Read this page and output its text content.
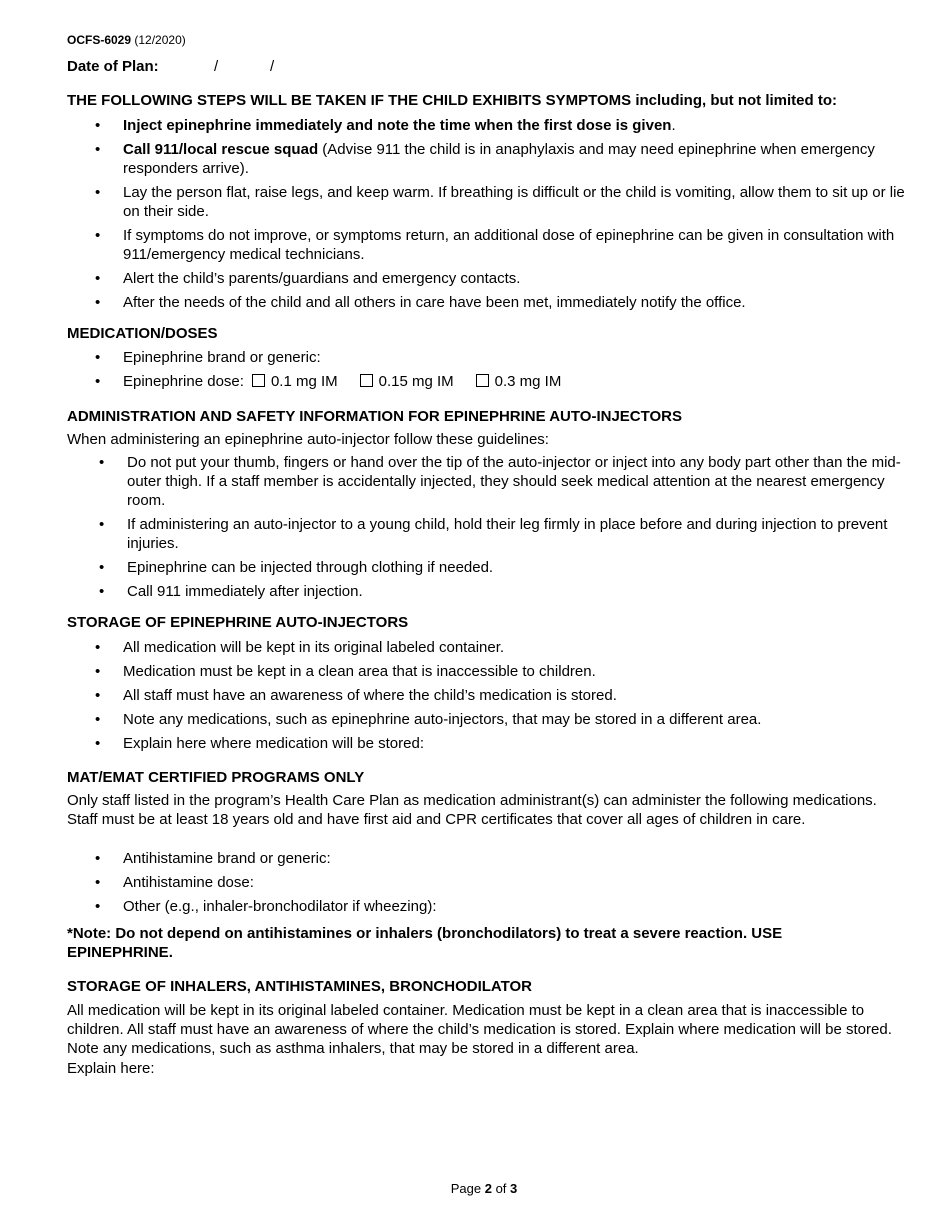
OCFS-6029 (12/2020)
Date of Plan:	/	/
THE FOLLOWING STEPS WILL BE TAKEN IF THE CHILD EXHIBITS SYMPTOMS including, but not limited to:
• Inject epinephrine immediately and note the time when the first dose is given.
• Call 911/local rescue squad (Advise 911 the child is in anaphylaxis and may need epinephrine when emergency responders arrive).
• Lay the person flat, raise legs, and keep warm. If breathing is difficult or the child is vomiting, allow them to sit up or lie on their side.
• If symptoms do not improve, or symptoms return, an additional dose of epinephrine can be given in consultation with 911/emergency medical technicians.
• Alert the child’s parents/guardians and emergency contacts.
• After the needs of the child and all others in care have been met, immediately notify the office.
MEDICATION/DOSES
• Epinephrine brand or generic:
• Epinephrine dose: 0.1 mg IM	0.15 mg IM	0.3 mg IM
ADMINISTRATION AND SAFETY INFORMATION FOR EPINEPHRINE AUTO-INJECTORS
When administering an epinephrine auto-injector follow these guidelines:
• Do not put your thumb, fingers or hand over the tip of the auto-injector or inject into any body part other than the mid-outer thigh. If a staff member is accidentally injected, they should seek medical attention at the nearest emergency room.
• If administering an auto-injector to a young child, hold their leg firmly in place before and during injection to prevent injuries.
• Epinephrine can be injected through clothing if needed.
• Call 911 immediately after injection.
STORAGE OF EPINEPHRINE AUTO-INJECTORS
• All medication will be kept in its original labeled container.
• Medication must be kept in a clean area that is inaccessible to children.
• All staff must have an awareness of where the child’s medication is stored.
• Note any medications, such as epinephrine auto-injectors, that may be stored in a different area.
• Explain here where medication will be stored:
MAT/EMAT CERTIFIED PROGRAMS ONLY
Only staff listed in the program’s Health Care Plan as medication administrant(s) can administer the following medications. Staff must be at least 18 years old and have first aid and CPR certificates that cover all ages of children in care.
• Antihistamine brand or generic:
• Antihistamine dose:
• Other (e.g., inhaler-bronchodilator if wheezing):
*Note: Do not depend on antihistamines or inhalers (bronchodilators) to treat a severe reaction. USE EPINEPHRINE.
STORAGE OF INHALERS, ANTIHISTAMINES, BRONCHODILATOR
All medication will be kept in its original labeled container. Medication must be kept in a clean area that is inaccessible to children. All staff must have an awareness of where the child’s medication is stored. Explain where medication will be stored. Note any medications, such as asthma inhalers, that may be stored in a different area.
Explain here:
Page 2 of 3
